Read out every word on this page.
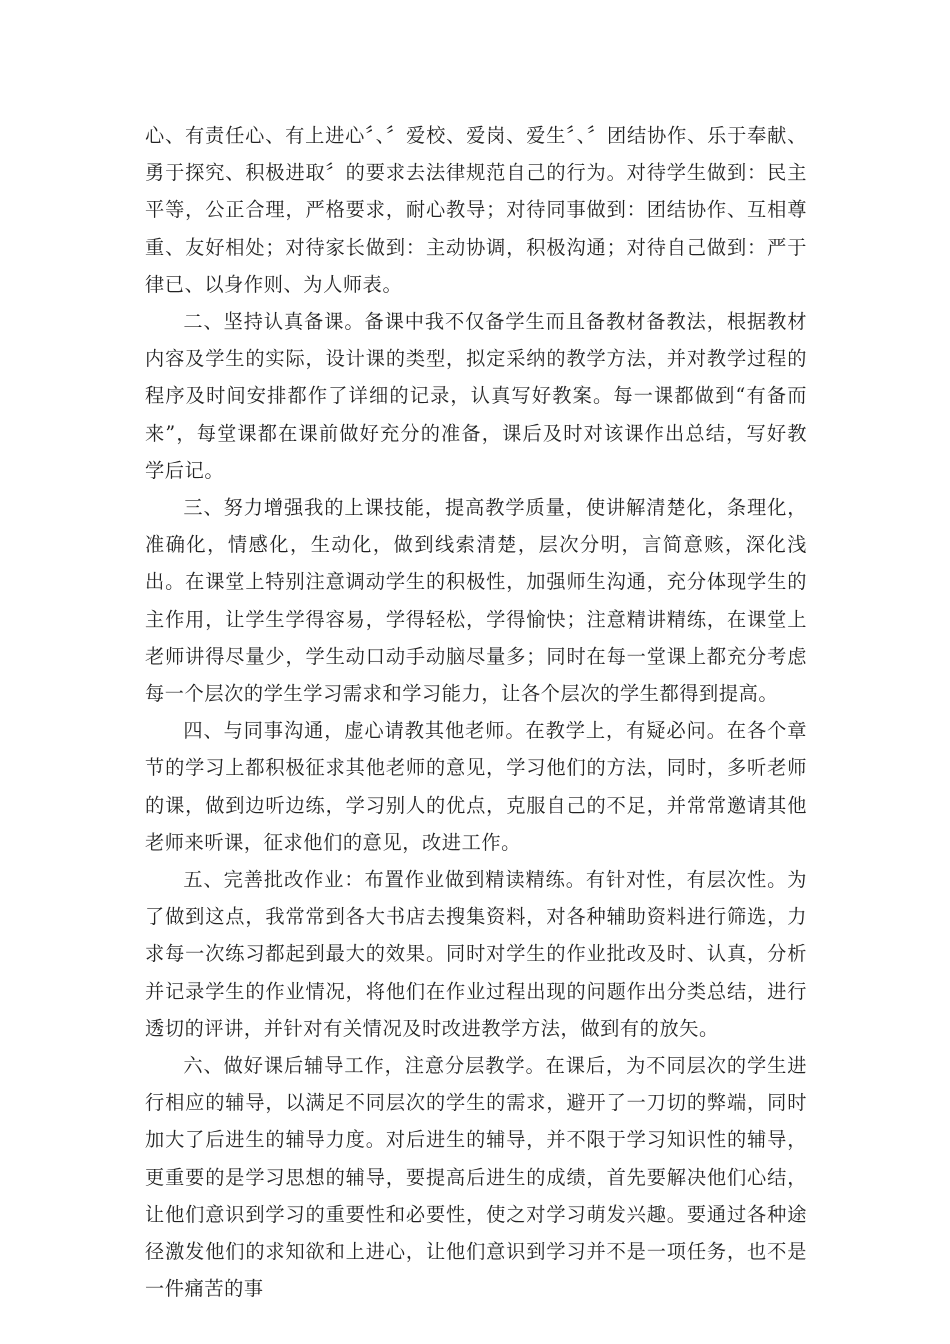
心、有责任心、有上进心〞、〞爱校、爱岗、爱生〞、〞团结协作、乐于奉献、勇于探究、积极进取〞的要求去法律规范自己的行为。对待学生做到：民主平等，公正合理，严格要求，耐心教导；对待同事做到：团结协作、互相尊重、友好相处；对待家长做到：主动协调，积极沟通；对待自己做到：严于律已、以身作则、为人师表。

二、坚持认真备课。备课中我不仅备学生而且备教材备教法，根据教材内容及学生的实际，设计课的类型，拟定采纳的教学方法，并对教学过程的程序及时间安排都作了详细的记录，认真写好教案。每一课都做到“有备而来”，每堂课都在课前做好充分的准备，课后及时对该课作出总结，写好教学后记。

三、努力增强我的上课技能，提高教学质量，使讲解清楚化，条理化，准确化，情感化，生动化，做到线索清楚，层次分明，言简意赅，深化浅出。在课堂上特别注意调动学生的积极性，加强师生沟通，充分体现学生的主作用，让学生学得容易，学得轻松，学得愉快；注意精讲精练，在课堂上老师讲得尽量少，学生动口动手动脑尽量多；同时在每一堂课上都充分考虑每一个层次的学生学习需求和学习能力，让各个层次的学生都得到提高。

四、与同事沟通，虚心请教其他老师。在教学上，有疑必问。在各个章节的学习上都积极征求其他老师的意见，学习他们的方法，同时，多听老师的课，做到边听边练，学习别人的优点，克服自己的不足，并常常邀请其他老师来听课，征求他们的意见，改进工作。

五、完善批改作业：布置作业做到精读精练。有针对性，有层次性。为了做到这点，我常常到各大书店去搜集资料，对各种辅助资料进行筛选，力求每一次练习都起到最大的效果。同时对学生的作业批改及时、认真，分析并记录学生的作业情况，将他们在作业过程出现的问题作出分类总结，进行透切的评讲，并针对有关情况及时改进教学方法，做到有的放矢。

六、做好课后辅导工作，注意分层教学。在课后，为不同层次的学生进行相应的辅导，以满足不同层次的学生的需求，避开了一刀切的弊端，同时加大了后进生的辅导力度。对后进生的辅导，并不限于学习知识性的辅导，更重要的是学习思想的辅导，要提高后进生的成绩，首先要解决他们心结，让他们意识到学习的重要性和必要性，使之对学习萌发兴趣。要通过各种途径激发他们的求知欲和上进心，让他们意识到学习并不是一项任务，也不是一件痛苦的事
